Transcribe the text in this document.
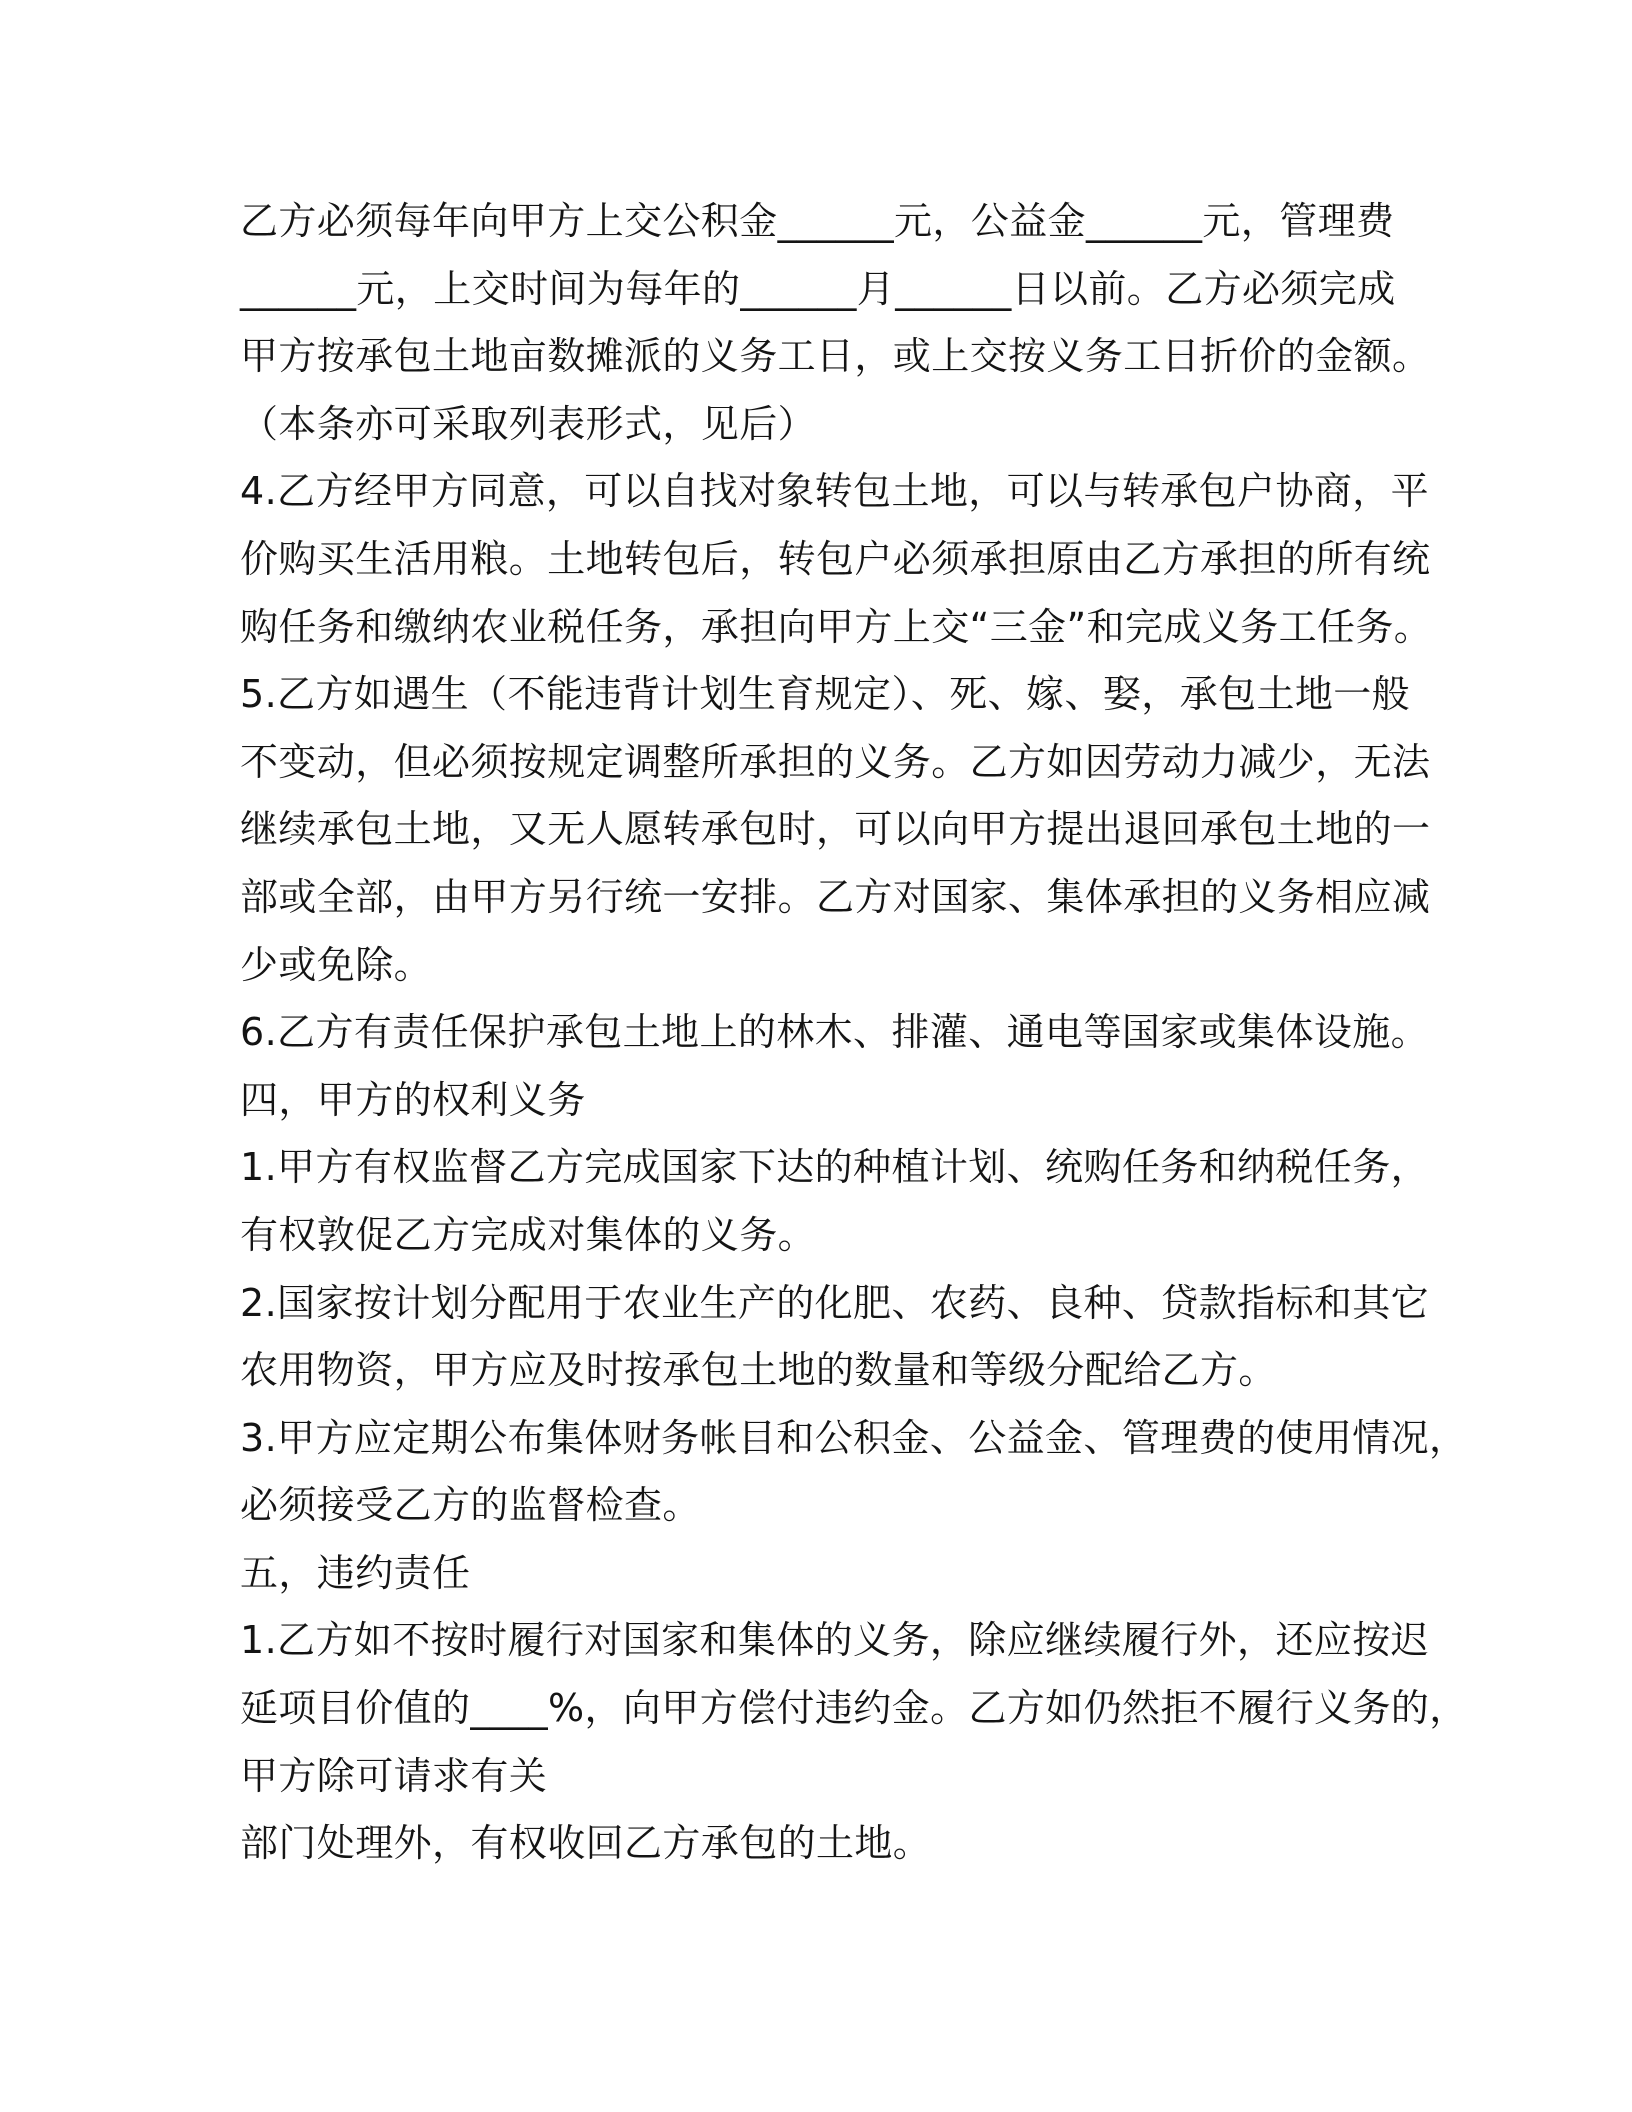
乙方必须每年向甲方上交公积金______元，公益金______元，管理费
______元，上交时间为每年的______月______日以前。乙方必须完成
甲方按承包土地亩数摊派的义务工日，或上交按义务工日折价的金额。
（本条亦可采取列表形式，见后）
4.乙方经甲方同意，可以自找对象转包土地，可以与转承包户协商，平
价购买生活用粮。土地转包后，转包户必须承担原由乙方承担的所有统
购任务和缴纳农业税任务，承担向甲方上交“三金”和完成义务工任务。
5.乙方如遇生（不能违背计划生育规定）、死、嫁、娶，承包土地一般
不变动，但必须按规定调整所承担的义务。乙方如因劳动力减少，无法
继续承包土地，又无人愿转承包时，可以向甲方提出退回承包土地的一
部或全部，由甲方另行统一安排。乙方对国家、集体承担的义务相应减
少或免除。
6.乙方有责任保护承包土地上的林木、排灌、通电等国家或集体设施。
四，甲方的权利义务
1.甲方有权监督乙方完成国家下达的种植计划、统购任务和纳税任务，
有权敦促乙方完成对集体的义务。
2.国家按计划分配用于农业生产的化肥、农药、良种、贷款指标和其它
农用物资，甲方应及时按承包土地的数量和等级分配给乙方。
3.甲方应定期公布集体财务帐目和公积金、公益金、管理费的使用情况，
必须接受乙方的监督检查。
五，违约责任
1.乙方如不按时履行对国家和集体的义务，除应继续履行外，还应按迟
延项目价值的____%，向甲方偿付违约金。乙方如仍然拒不履行义务的，
甲方除可请求有关
部门处理外，有权收回乙方承包的土地。
